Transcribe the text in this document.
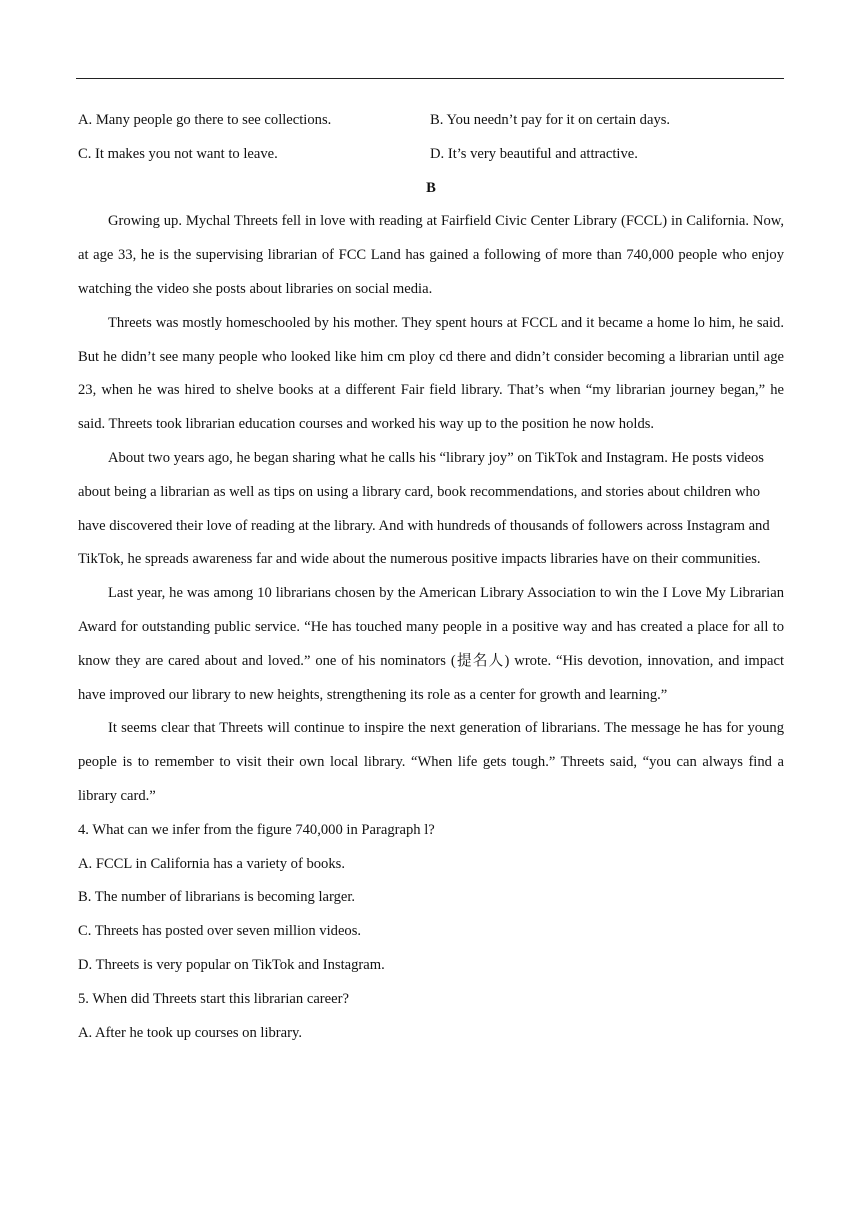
A. Many people go there to see collections.	B. You needn’t pay for it on certain days.
C. It makes you not want to leave.	D. It’s very beautiful and attractive.

B

Growing up. Mychal Threets fell in love with reading at Fairfield Civic Center Library (FCCL) in California. Now, at age 33, he is the supervising librarian of FCC Land has gained a following of more than 740,000 people who enjoy watching the video she posts about libraries on social media.

Threets was mostly homeschooled by his mother. They spent hours at FCCL and it became a home lo him, he said. But he didn’t see many people who looked like him cm ploy cd there and didn’t consider becoming a librarian until age 23, when he was hired to shelve books at a different Fair field library. That’s when “my librarian journey began,” he said. Threets took librarian education courses and worked his way up to the position he now holds.

About two years ago, he began sharing what he calls his “library joy” on TikTok and Instagram. He posts videos about being a librarian as well as tips on using a library card, book recommendations, and stories about children who have discovered their love of reading at the library. And with hundreds of thousands of followers across Instagram and TikTok, he spreads awareness far and wide about the numerous positive impacts libraries have on their communities.

Last year, he was among 10 librarians chosen by the American Library Association to win the I Love My Librarian Award for outstanding public service. “He has touched many people in a positive way and has created a place for all to know they are cared about and loved.” one of his nominators (提名人) wrote. “His devotion, innovation, and impact have improved our library to new heights, strengthening its role as a center for growth and learning.”

It seems clear that Threets will continue to inspire the next generation of librarians. The message he has for young people is to remember to visit their own local library. “When life gets tough.” Threets said, “you can always find a library card.”

4. What can we infer from the figure 740,000 in Paragraph l?

A. FCCL in California has a variety of books.

B. The number of librarians is becoming larger.

C. Threets has posted over seven million videos.

D. Threets is very popular on TikTok and Instagram.

5. When did Threets start this librarian career?

A. After he took up courses on library.
